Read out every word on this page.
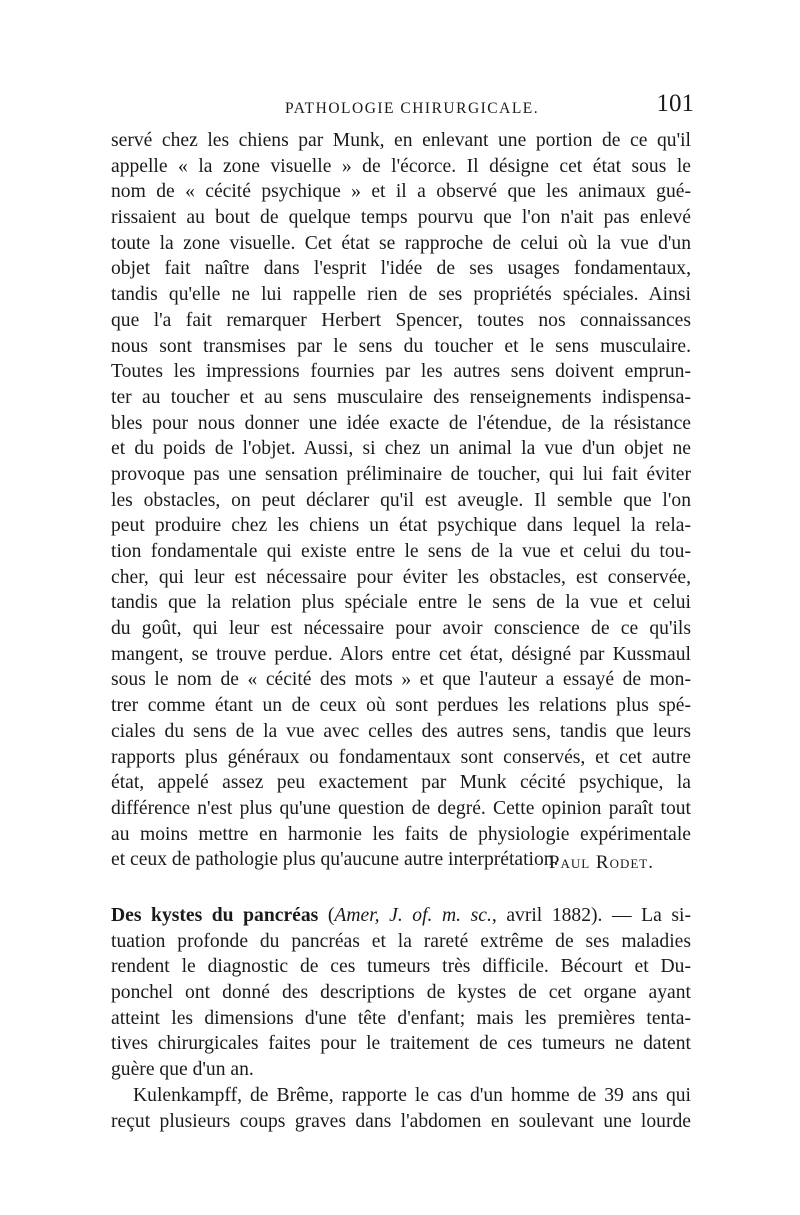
PATHOLOGIE CHIRURGICALE.	101
servé chez les chiens par Munk, en enlevant une portion de ce qu'il
appelle « la zone visuelle » de l'écorce. Il désigne cet état sous le
nom de « cécité psychique » et il a observé que les animaux gué-
rissaient au bout de quelque temps pourvu que l'on n'ait pas enlevé
toute la zone visuelle. Cet état se rapproche de celui où la vue d'un
objet fait naître dans l'esprit l'idée de ses usages fondamentaux,
tandis qu'elle ne lui rappelle rien de ses propriétés spéciales. Ainsi
que l'a fait remarquer Herbert Spencer, toutes nos connaissances
nous sont transmises par le sens du toucher et le sens musculaire.
Toutes les impressions fournies par les autres sens doivent emprun-
ter au toucher et au sens musculaire des renseignements indispensa-
bles pour nous donner une idée exacte de l'étendue, de la résistance
et du poids de l'objet. Aussi, si chez un animal la vue d'un objet ne
provoque pas une sensation préliminaire de toucher, qui lui fait éviter
les obstacles, on peut déclarer qu'il est aveugle. Il semble que l'on
peut produire chez les chiens un état psychique dans lequel la rela-
tion fondamentale qui existe entre le sens de la vue et celui du tou-
cher, qui leur est nécessaire pour éviter les obstacles, est conservée,
tandis que la relation plus spéciale entre le sens de la vue et celui
du goût, qui leur est nécessaire pour avoir conscience de ce qu'ils
mangent, se trouve perdue. Alors entre cet état, désigné par Kussmaul
sous le nom de « cécité des mots » et que l'auteur a essayé de mon-
trer comme étant un de ceux où sont perdues les relations plus spé-
ciales du sens de la vue avec celles des autres sens, tandis que leurs
rapports plus généraux ou fondamentaux sont conservés, et cet autre
état, appelé assez peu exactement par Munk cécité psychique, la
différence n'est plus qu'une question de degré. Cette opinion paraît tout
au moins mettre en harmonie les faits de physiologie expérimentale
et ceux de pathologie plus qu'aucune autre interprétation.
Paul Rodet.
Des kystes du pancréas (Amer, J. of. m. sc., avril 1882). — La si-
tuation profonde du pancréas et la rareté extrême de ses maladies
rendent le diagnostic de ces tumeurs très difficile. Bécourt et Du-
ponchel ont donné des descriptions de kystes de cet organe ayant
atteint les dimensions d'une tête d'enfant; mais les premières tenta-
tives chirurgicales faites pour le traitement de ces tumeurs ne datent
guère que d'un an.
Kulenkampff, de Brême, rapporte le cas d'un homme de 39 ans qui
reçut plusieurs coups graves dans l'abdomen en soulevant une lourde
